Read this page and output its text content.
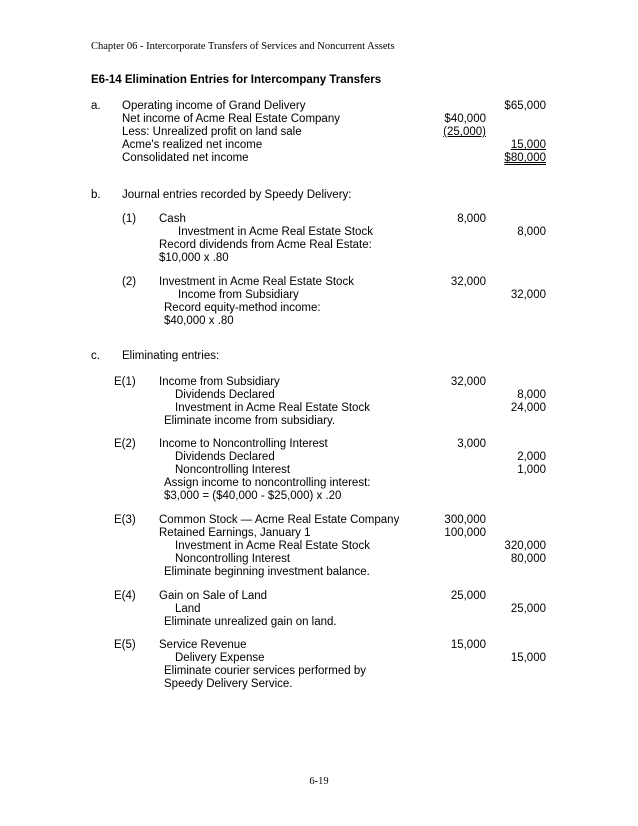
Chapter 06 - Intercorporate Transfers of Services and Noncurrent Assets
E6-14 Elimination Entries for Intercompany Transfers
a. Operating income of Grand Delivery	$65,000
Net income of Acme Real Estate Company	$40,000
Less: Unrealized profit on land sale	(25,000)
Acme's realized net income	15,000
Consolidated net income	$80,000
b. Journal entries recorded by Speedy Delivery:
(1) Cash	8,000
Investment in Acme Real Estate Stock	8,000
Record dividends from Acme Real Estate:
$10,000 x .80
(2) Investment in Acme Real Estate Stock	32,000
Income from Subsidiary	32,000
Record equity-method income:
$40,000 x .80
c. Eliminating entries:
E(1) Income from Subsidiary	32,000
Dividends Declared	8,000
Investment in Acme Real Estate Stock	24,000
Eliminate income from subsidiary.
E(2) Income to Noncontrolling Interest	3,000
Dividends Declared	2,000
Noncontrolling Interest	1,000
Assign income to noncontrolling interest:
$3,000 = ($40,000 - $25,000) x .20
E(3) Common Stock — Acme Real Estate Company	300,000
Retained Earnings, January 1	100,000
Investment in Acme Real Estate Stock	320,000
Noncontrolling Interest	80,000
Eliminate beginning investment balance.
E(4) Gain on Sale of Land	25,000
Land	25,000
Eliminate unrealized gain on land.
E(5) Service Revenue	15,000
Delivery Expense	15,000
Eliminate courier services performed by
Speedy Delivery Service.
6-19
